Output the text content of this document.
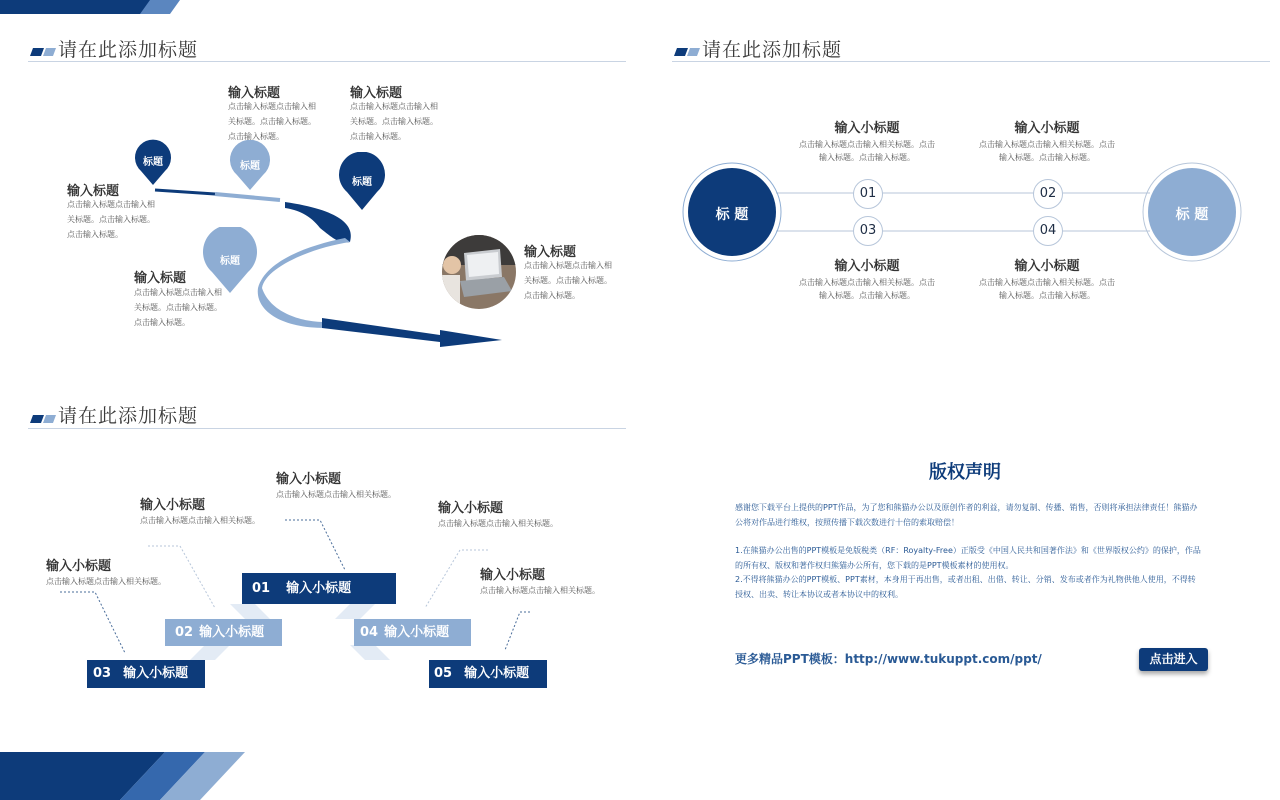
请在此添加标题
标题	标题
标题
标题
输入标题
点击输入标题点击输入相
关标题。点击输入标题。
点击输入标题。
输入标题
点击输入标题点击输入相
关标题。点击输入标题。
点击输入标题。
输入标题
点击输入标题点击输入相
关标题。点击输入标题。
点击输入标题。
输入标题
点击输入标题点击输入相
关标题。点击输入标题。
点击输入标题。
输入标题
点击输入标题点击输入相
关标题。点击输入标题。
点击输入标题。
请在此添加标题
标 题	标 题
01	02
03	04
输入小标题
点击输入标题点击输入相关标题。点击
输入标题。点击输入标题。
输入小标题
点击输入标题点击输入相关标题。点击
输入标题。点击输入标题。
输入小标题
点击输入标题点击输入相关标题。点击
输入标题。点击输入标题。
输入小标题
点击输入标题点击输入相关标题。点击
输入标题。点击输入标题。
请在此添加标题
01 输入小标题
02 输入小标题
03 输入小标题
04 输入小标题
05 输入小标题
输入小标题
点击输入标题点击输入相关标题。
输入小标题
点击输入标题点击输入相关标题。
输入小标题
点击输入标题点击输入相关标题。
输入小标题
点击输入标题点击输入相关标题。	输入小标题
点击输入标题点击输入相关标题。
版权声明
感谢您下载平台上提供的PPT作品，为了您和熊猫办公以及原创作者的利益，请勿复制、传播、销售，否则将承担法律责任！熊猫办
公将对作品进行维权，按照传播下载次数进行十倍的索取赔偿！
1.在熊猫办公出售的PPT模板是免版税类（RF：Royalty-Free）正版受《中国人民共和国著作法》和《世界版权公约》的保护，作品
的所有权、版权和著作权归熊猫办公所有，您下载的是PPT模板素材的使用权。
2.不得将熊猫办公的PPT模板、PPT素材，本身用于再出售，或者出租、出借、转让、分销、发布或者作为礼物供他人使用，不得转
授权、出卖、转让本协议或者本协议中的权利。
更多精品PPT模板：http://www.tukuppt.com/ppt/	点击进入
